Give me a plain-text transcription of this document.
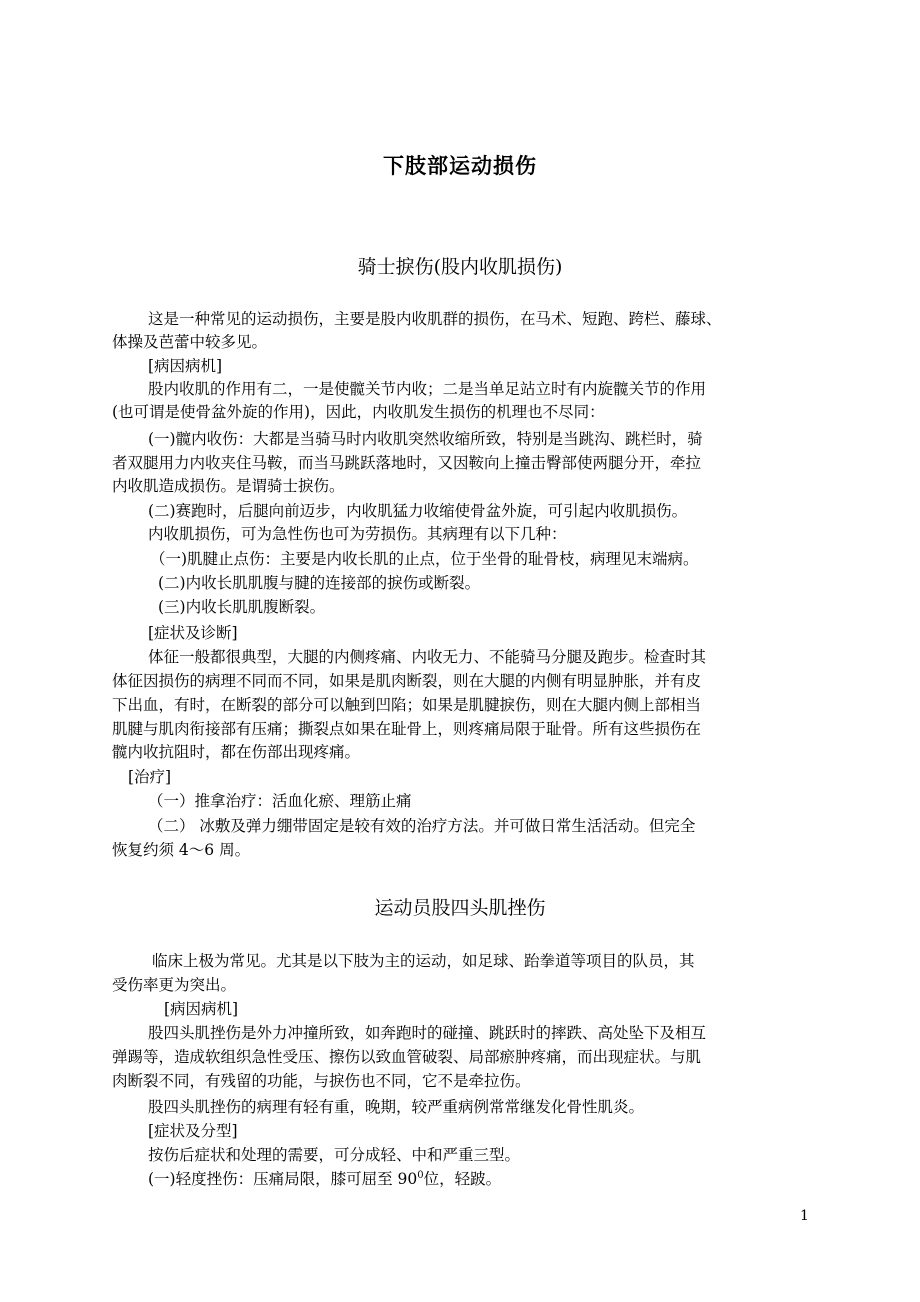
下肢部运动损伤
骑士捩伤(股内收肌损伤)
这是一种常见的运动损伤，主要是股内收肌群的损伤，在马术、短跑、跨栏、藤球、
体操及芭蕾中较多见。
[病因病机]
股内收肌的作用有二，一是使髋关节内收；二是当单足站立时有内旋髋关节的作用
(也可谓是使骨盆外旋的作用)，因此，内收肌发生损伤的机理也不尽同：
(一)髋内收伤：大都是当骑马时内收肌突然收缩所致，特别是当跳沟、跳栏时，骑
者双腿用力内收夹住马鞍，而当马跳跃落地时，又因鞍向上撞击臀部使两腿分开，牵拉
内收肌造成损伤。是谓骑士捩伤。
(二)赛跑时，后腿向前迈步，内收肌猛力收缩使骨盆外旋，可引起内收肌损伤。
内收肌损伤，可为急性伤也可为劳损伤。其病理有以下几种：
（一)肌腱止点伤：主要是内收长肌的止点，位于坐骨的耻骨枝，病理见末端病。
(二)内收长肌肌腹与腱的连接部的捩伤或断裂。
(三)内收长肌肌腹断裂。
[症状及诊断]
体征一般都很典型，大腿的内侧疼痛、内收无力、不能骑马分腿及跑步。检查时其
体征因损伤的病理不同而不同，如果是肌肉断裂，则在大腿的内侧有明显肿胀，并有皮
下出血，有时，在断裂的部分可以触到凹陷；如果是肌腱捩伤，则在大腿内侧上部相当
肌腱与肌肉衔接部有压痛；撕裂点如果在耻骨上，则疼痛局限于耻骨。所有这些损伤在
髋内收抗阻时，都在伤部出现疼痛。
[治疗]
（一）推拿治疗：活血化瘀、理筋止痛
（二） 冰敷及弹力绷带固定是较有效的治疗方法。并可做日常生活活动。但完全
恢复约须 4～6 周。
运动员股四头肌挫伤
临床上极为常见。尤其是以下肢为主的运动，如足球、跆拳道等项目的队员，其
受伤率更为突出。
[病因病机]
股四头肌挫伤是外力冲撞所致，如奔跑时的碰撞、跳跃时的摔跌、高处坠下及相互
弹踢等，造成软组织急性受压、擦伤以致血管破裂、局部瘀肿疼痛，而出现症状。与肌
肉断裂不同，有残留的功能，与捩伤也不同，它不是牵拉伤。
股四头肌挫伤的病理有轻有重，晚期，较严重病例常常继发化骨性肌炎。
[症状及分型]
按伤后症状和处理的需要，可分成轻、中和严重三型。
(一)轻度挫伤：压痛局限，膝可屈至 $90^0$位，轻跛。
1
